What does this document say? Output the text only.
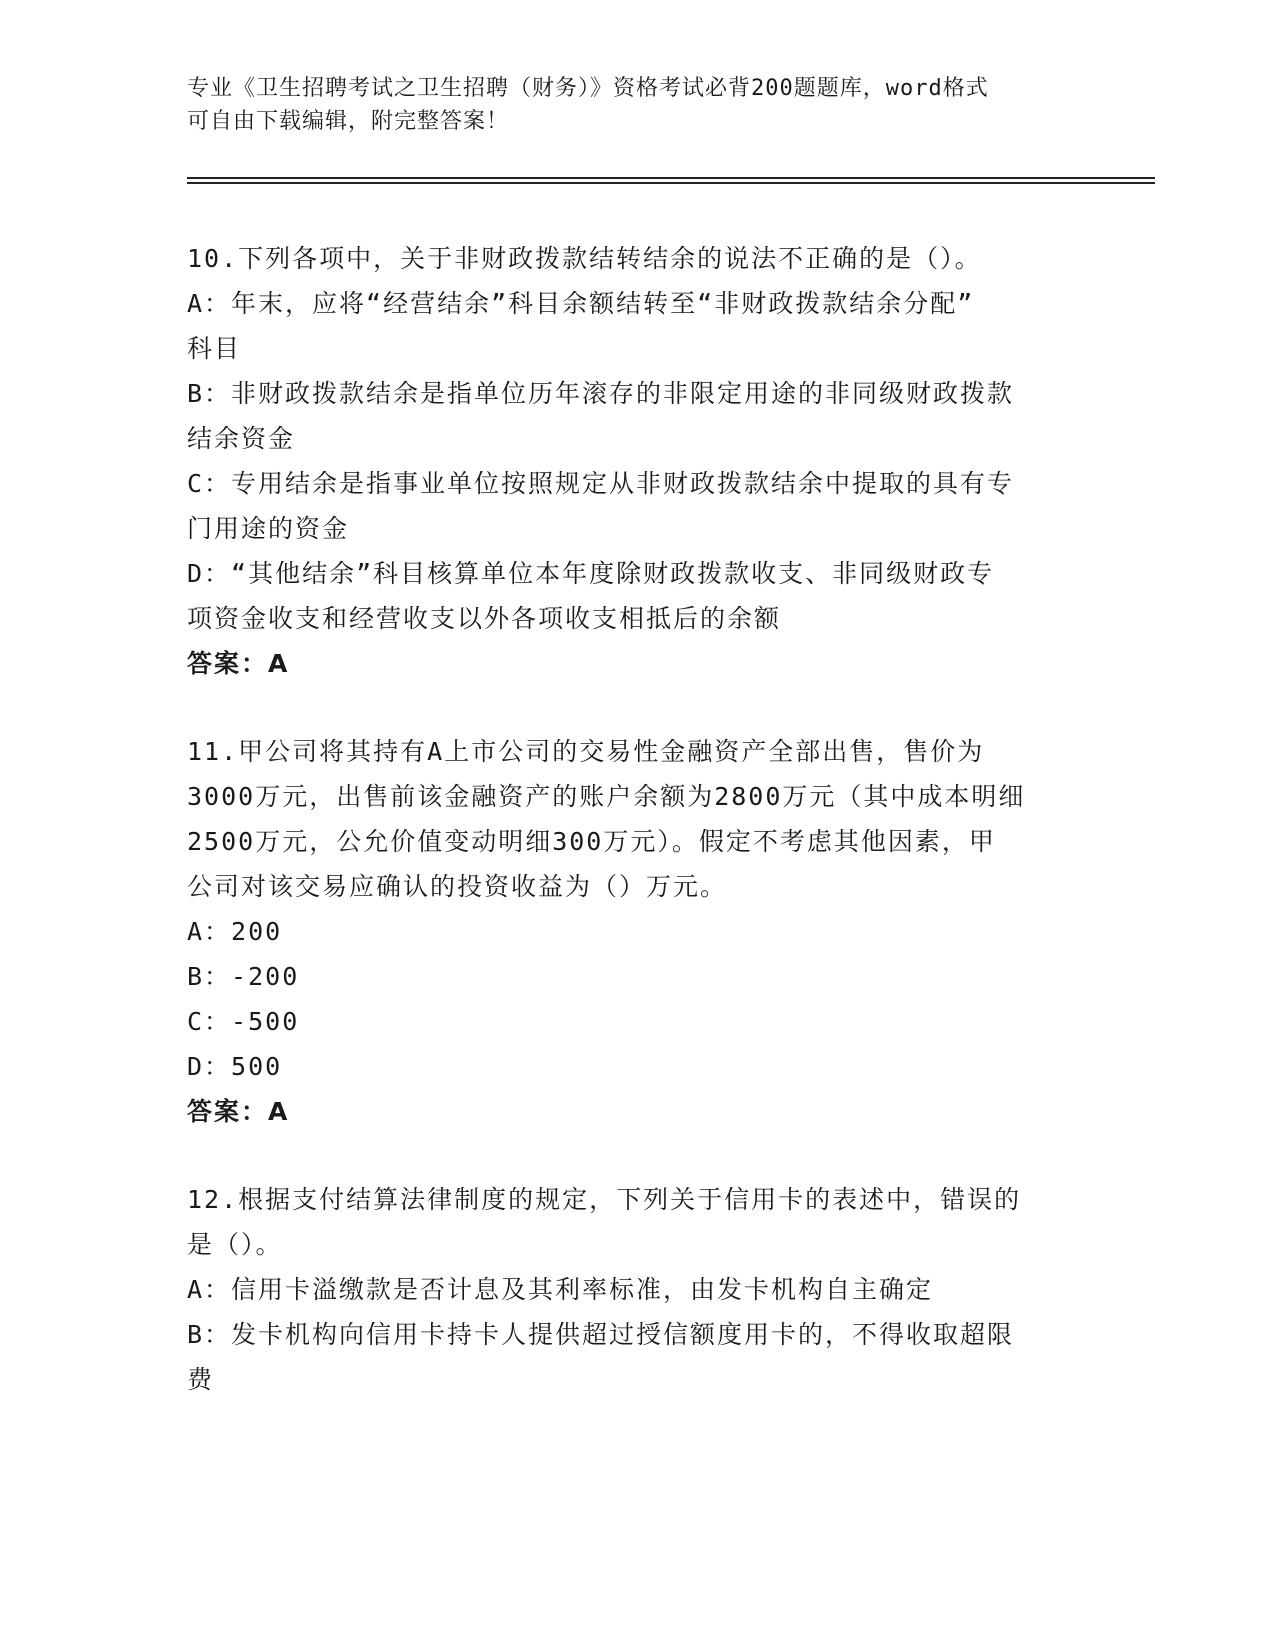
专业《卫生招聘考试之卫生招聘（财务）》资格考试必背200题题库，word格式
可自由下载编辑，附完整答案！
10.下列各项中，关于非财政拨款结转结余的说法不正确的是（）。
A：年末，应将“经营结余”科目余额结转至“非财政拨款结余分配”
科目
B：非财政拨款结余是指单位历年滚存的非限定用途的非同级财政拨款
结余资金
C：专用结余是指事业单位按照规定从非财政拨款结余中提取的具有专
门用途的资金
D：“其他结余”科目核算单位本年度除财政拨款收支、非同级财政专
项资金收支和经营收支以外各项收支相抵后的余额
答案：A
11.甲公司将其持有A上市公司的交易性金融资产全部出售，售价为
3000万元，出售前该金融资产的账户余额为2800万元（其中成本明细
2500万元，公允价值变动明细300万元）。假定不考虑其他因素，甲
公司对该交易应确认的投资收益为（）万元。
A：200
B：-200
C：-500
D：500
答案：A
12.根据支付结算法律制度的规定，下列关于信用卡的表述中，错误的
是（）。
A：信用卡溢缴款是否计息及其利率标准，由发卡机构自主确定
B：发卡机构向信用卡持卡人提供超过授信额度用卡的，不得收取超限
费
